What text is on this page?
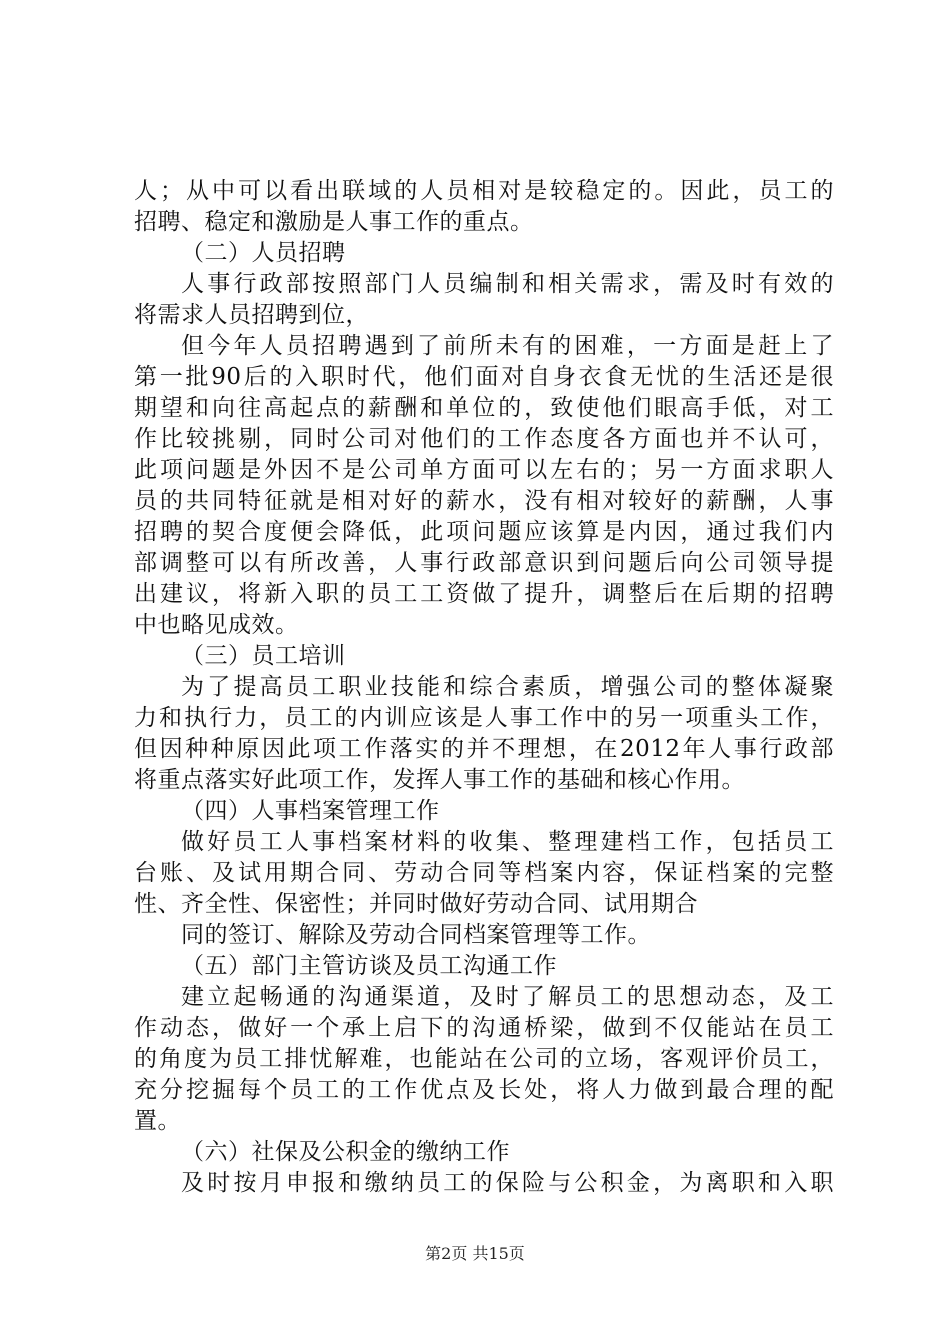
人；从中可以看出联域的人员相对是较稳定的。因此，员工的
招聘、稳定和激励是人事工作的重点。
（二）人员招聘
人事行政部按照部门人员编制和相关需求，需及时有效的
将需求人员招聘到位，
但今年人员招聘遇到了前所未有的困难，一方面是赶上了
第一批90后的入职时代，他们面对自身衣食无忧的生活还是很
期望和向往高起点的薪酬和单位的，致使他们眼高手低，对工
作比较挑剔，同时公司对他们的工作态度各方面也并不认可，
此项问题是外因不是公司单方面可以左右的；另一方面求职人
员的共同特征就是相对好的薪水，没有相对较好的薪酬，人事
招聘的契合度便会降低，此项问题应该算是内因，通过我们内
部调整可以有所改善，人事行政部意识到问题后向公司领导提
出建议，将新入职的员工工资做了提升，调整后在后期的招聘
中也略见成效。
（三）员工培训
为了提高员工职业技能和综合素质，增强公司的整体凝聚
力和执行力，员工的内训应该是人事工作中的另一项重头工作，
但因种种原因此项工作落实的并不理想，在2012年人事行政部
将重点落实好此项工作，发挥人事工作的基础和核心作用。
（四）人事档案管理工作
做好员工人事档案材料的收集、整理建档工作，包括员工
台账、及试用期合同、劳动合同等档案内容，保证档案的完整
性、齐全性、保密性；并同时做好劳动合同、试用期合
同的签订、解除及劳动合同档案管理等工作。
（五）部门主管访谈及员工沟通工作
建立起畅通的沟通渠道，及时了解员工的思想动态，及工
作动态，做好一个承上启下的沟通桥梁，做到不仅能站在员工
的角度为员工排忧解难，也能站在公司的立场，客观评价员工，
充分挖掘每个员工的工作优点及长处，将人力做到最合理的配
置。
（六）社保及公积金的缴纳工作
及时按月申报和缴纳员工的保险与公积金，为离职和入职
第2页 共15页
